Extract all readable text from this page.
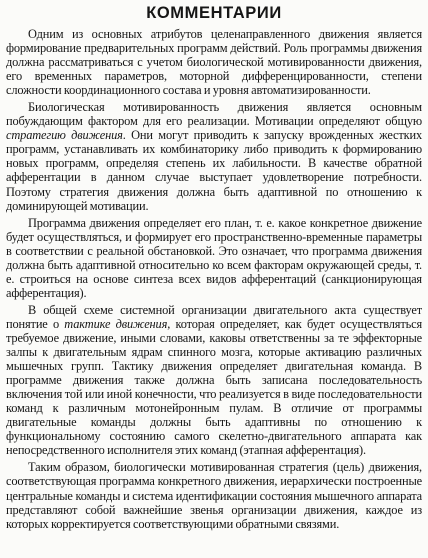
КОММЕНТАРИИ

Одним из основных атрибутов целенаправленного движения является формирование предварительных программ действий. Роль программы движения должна рассматриваться с учетом биологической мотивированности движения, его временных параметров, моторной дифференцированности, степени сложности координационного состава и уровня автоматизированности.

Биологическая мотивированность движения является основным побуждающим фактором для его реализации. Мотивации определяют общую стратегию движения. Они могут приводить к запуску врожденных жестких программ, устанавливать их комбинаторику либо приводить к формированию новых программ, определяя степень их лабильности. В качестве обратной афферентации в данном случае выступает удовлетворение потребности. Поэтому стратегия движения должна быть адаптивной по отношению к доминирующей мотивации.

Программа движения определяет его план, т. е. какое конкретное движение будет осуществляться, и формирует его пространственно-временные параметры в соответствии с реальной обстановкой. Это означает, что программа движения должна быть адаптивной относительно ко всем факторам окружающей среды, т. е. строиться на основе синтеза всех видов афферентаций (санкционирующая афферентация).

В общей схеме системной организации двигательного акта существует понятие о тактике движения, которая определяет, как будет осуществляться требуемое движение, иными словами, каковы ответственны за те эффекторные залпы к двигательным ядрам спинного мозга, которые активацию различных мышечных групп. Тактику движения определяет двигательная команда. В программе движения также должна быть записана последовательность включения той или иной конечности, что реализуется в виде последовательности команд к различным мотонейронным пулам. В отличие от программы двигательные команды должны быть адаптивны по отношению к функциональному состоянию самого скелетно-двигательного аппарата как непосредственного исполнителя этих команд (этапная афферентация).

Таким образом, биологически мотивированная стратегия (цель) движения, соответствующая программа конкретного движения, иерархически построенные центральные команды и система идентификации состояния мышечного аппарата представляют собой важнейшие звенья организации движения, каждое из которых корректируется соответствующими обратными связями.
